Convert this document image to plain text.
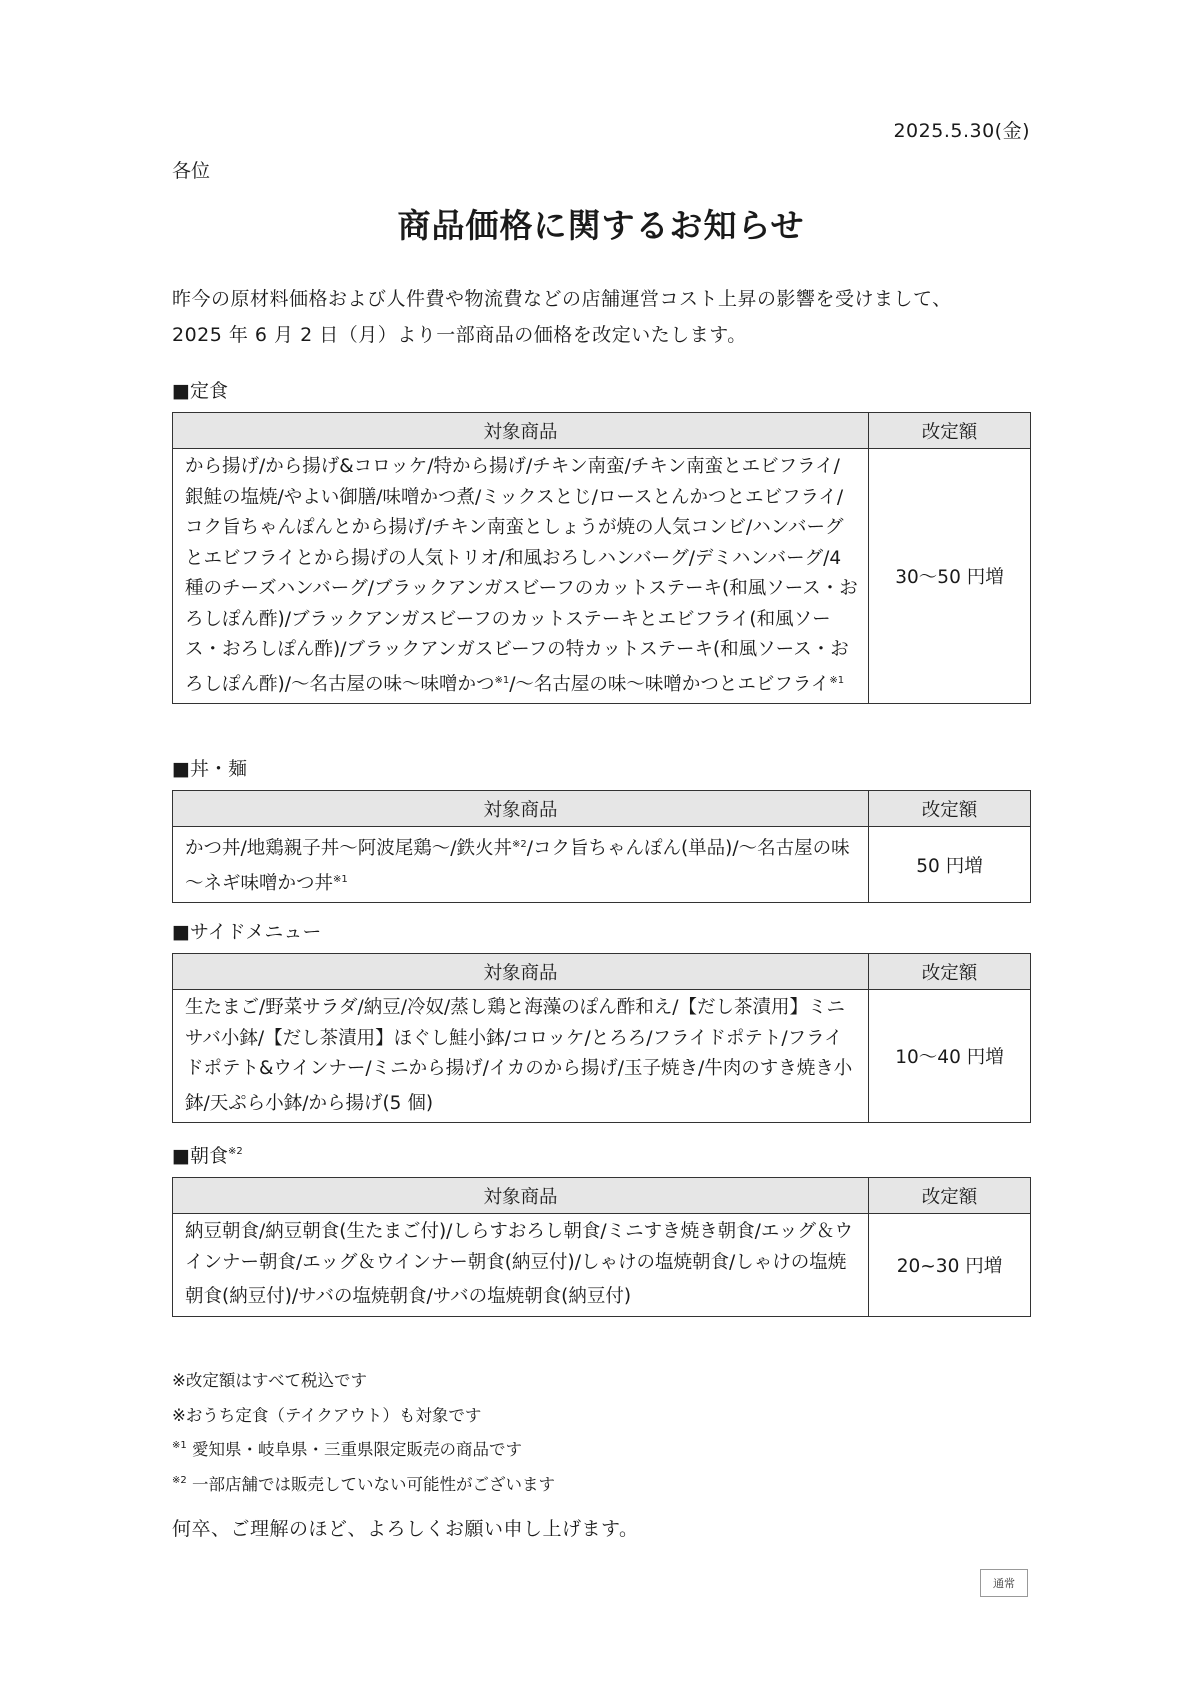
2025.5.30(金)
各位
商品価格に関するお知らせ
昨今の原材料価格および人件費や物流費などの店舗運営コスト上昇の影響を受けまして、
2025 年 6 月 2 日（月）より一部商品の価格を改定いたします。
■定食
対象商品	改定額
から揚げ/から揚げ&コロッケ/特から揚げ/チキン南蛮/チキン南蛮とエビフライ/銀鮭の塩焼/やよい御膳/味噌かつ煮/ミックスとじ/ロースとんかつとエビフライ/コク旨ちゃんぽんとから揚げ/チキン南蛮としょうが焼の人気コンビ/ハンバーグとエビフライとから揚げの人気トリオ/和風おろしハンバーグ/デミハンバーグ/4 種のチーズハンバーグ/ブラックアンガスビーフのカットステーキ(和風ソース・おろしぽん酢)/ブラックアンガスビーフのカットステーキとエビフライ(和風ソース・おろしぽん酢)/ブラックアンガスビーフの特カットステーキ(和風ソース・おろしぽん酢)/～名古屋の味～味噌かつ$^{※1}$/～名古屋の味～味噌かつとエビフライ$^{※1}$	30～50 円増
■丼・麺
対象商品	改定額
かつ丼/地鶏親子丼～阿波尾鶏～/鉄火丼$^{※2}$/コク旨ちゃんぽん(単品)/～名古屋の味～ネギ味噌かつ丼$^{※1}$	50 円増
■サイドメニュー
対象商品	改定額
生たまご/野菜サラダ/納豆/冷奴/蒸し鶏と海藻のぽん酢和え/【だし茶漬用】ミニサバ小鉢/【だし茶漬用】ほぐし鮭小鉢/コロッケ/とろろ/フライドポテト/フライドポテト&ウインナー/ミニから揚げ/イカのから揚げ/玉子焼き/牛肉のすき焼き小鉢/天ぷら小鉢/から揚げ(5 個)	10～40 円増
■朝食$^{※2}$
対象商品	改定額
納豆朝食/納豆朝食(生たまご付)/しらすおろし朝食/ミニすき焼き朝食/エッグ＆ウインナー朝食/エッグ＆ウインナー朝食(納豆付)/しゃけの塩焼朝食/しゃけの塩焼朝食(納豆付)/サバの塩焼朝食/サバの塩焼朝食(納豆付)	20~30 円増
※改定額はすべて税込です
※おうち定食（テイクアウト）も対象です
$^{※1}$ 愛知県・岐阜県・三重県限定販売の商品です
$^{※2}$ 一部店舗では販売していない可能性がございます
何卒、ご理解のほど、よろしくお願い申し上げます。
通常
